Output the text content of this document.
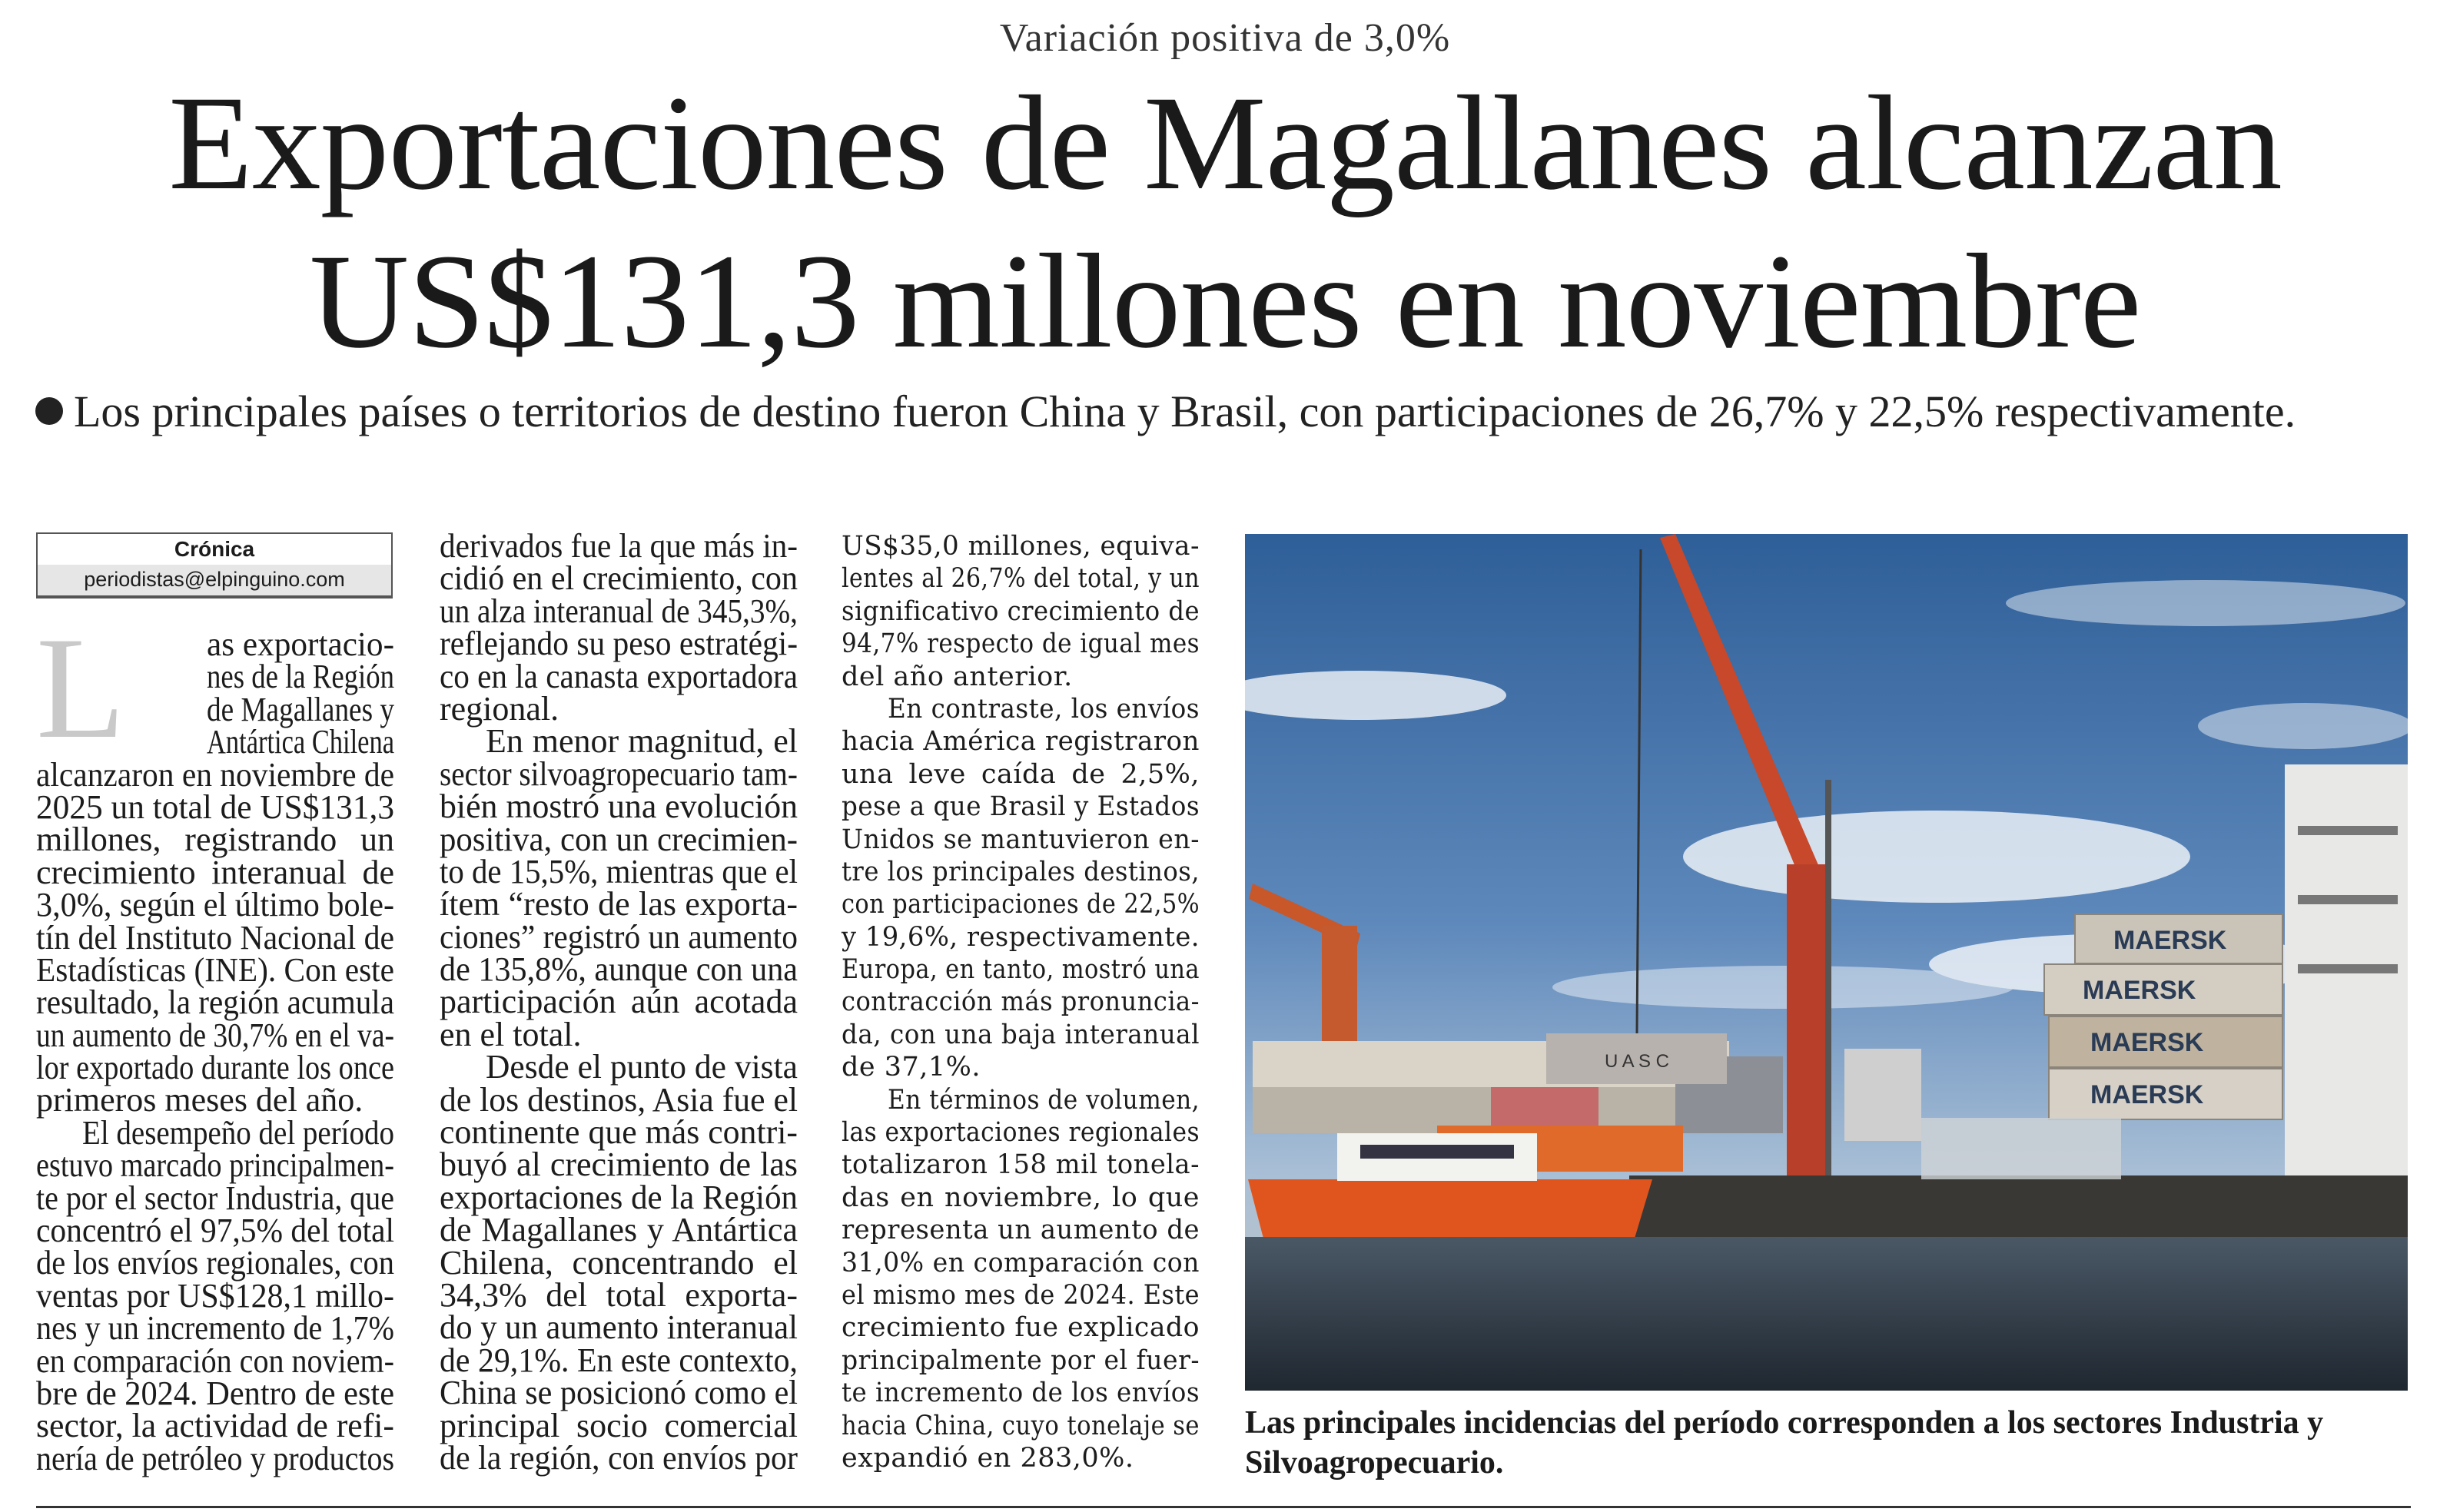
Variación positiva de 3,0%
Exportaciones de Magallanes alcanzan
US$131,3 millones en noviembre
Los principales países o territorios de destino fueron China y Brasil, con participaciones de 26,7% y 22,5% respectivamente.
Crónica
periodistas@elpinguino.com
L	as exportacio-
nes de la Región
de Magallanes y
Antártica Chilena
alcanzaron en noviembre de
2025 un total de US$131,3
millones, registrando un
crecimiento interanual de
3,0%, según el último bole-
tín del Instituto Nacional de
Estadísticas (INE). Con este
resultado, la región acumula
un aumento de 30,7% en el va-
lor exportado durante los once
primeros meses del año.
El desempeño del período
estuvo marcado principalmen-
te por el sector Industria, que
concentró el 97,5% del total
de los envíos regionales, con
ventas por US$128,1 millo-
nes y un incremento de 1,7%
en comparación con noviem-
bre de 2024. Dentro de este
sector, la actividad de refi-
nería de petróleo y productos
derivados fue la que más in-
cidió en el crecimiento, con
un alza interanual de 345,3%,
reflejando su peso estratégi-
co en la canasta exportadora
regional.
En menor magnitud, el
sector silvoagropecuario tam-
bién mostró una evolución
positiva, con un crecimien-
to de 15,5%, mientras que el
ítem “resto de las exporta-
ciones” registró un aumento
de 135,8%, aunque con una
participación aún acotada
en el total.
Desde el punto de vista
de los destinos, Asia fue el
continente que más contri-
buyó al crecimiento de las
exportaciones de la Región
de Magallanes y Antártica
Chilena, concentrando el
34,3% del total exporta-
do y un aumento interanual
de 29,1%. En este contexto,
China se posicionó como el
principal socio comercial
de la región, con envíos por
US$35,0 millones, equiva-
lentes al 26,7% del total, y un
significativo crecimiento de
94,7% respecto de igual mes
del año anterior.
En contraste, los envíos
hacia América registraron
una leve caída de 2,5%,
pese a que Brasil y Estados
Unidos se mantuvieron en-
tre los principales destinos,
con participaciones de 22,5%
y 19,6%, respectivamente.
Europa, en tanto, mostró una
contracción más pronuncia-
da, con una baja interanual
de 37,1%.
En términos de volumen,
las exportaciones regionales
totalizaron 158 mil tonela-
das en noviembre, lo que
representa un aumento de
31,0% en comparación con
el mismo mes de 2024. Este
crecimiento fue explicado
principalmente por el fuer-
te incremento de los envíos
hacia China, cuyo tonelaje se
expandió en 283,0%.
U A S C
MAERSK
MAERSK
MAERSK
MAERSK
Las principales incidencias del período corresponden a los sectores Industria y Silvoagropecuario.
